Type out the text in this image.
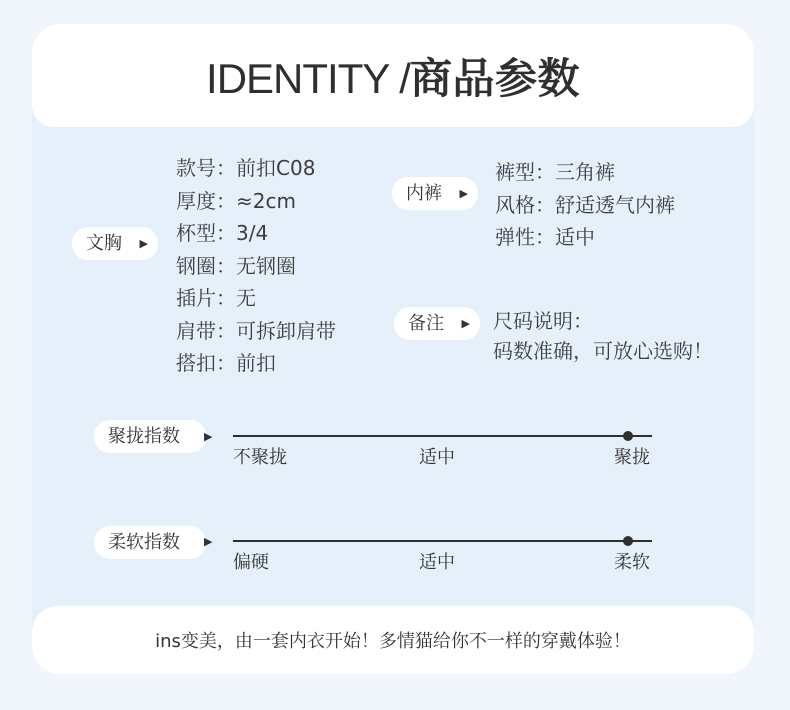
IDENTITY /商品参数
文胸 ▶
款号：前扣C08
厚度：≈2cm
杯型：3/4
钢圈：无钢圈
插片：无
肩带：可拆卸肩带
搭扣：前扣
内裤 ▶
裤型：三角裤
风格：舒适透气内裤
弹性：适中
备注 ▶ 尺码说明：
码数准确，可放心选购！
聚拢指数	▶
不聚拢	适中	聚拢
柔软指数	▶
偏硬	适中	柔软
ins变美，由一套内衣开始！多情猫给你不一样的穿戴体验！
